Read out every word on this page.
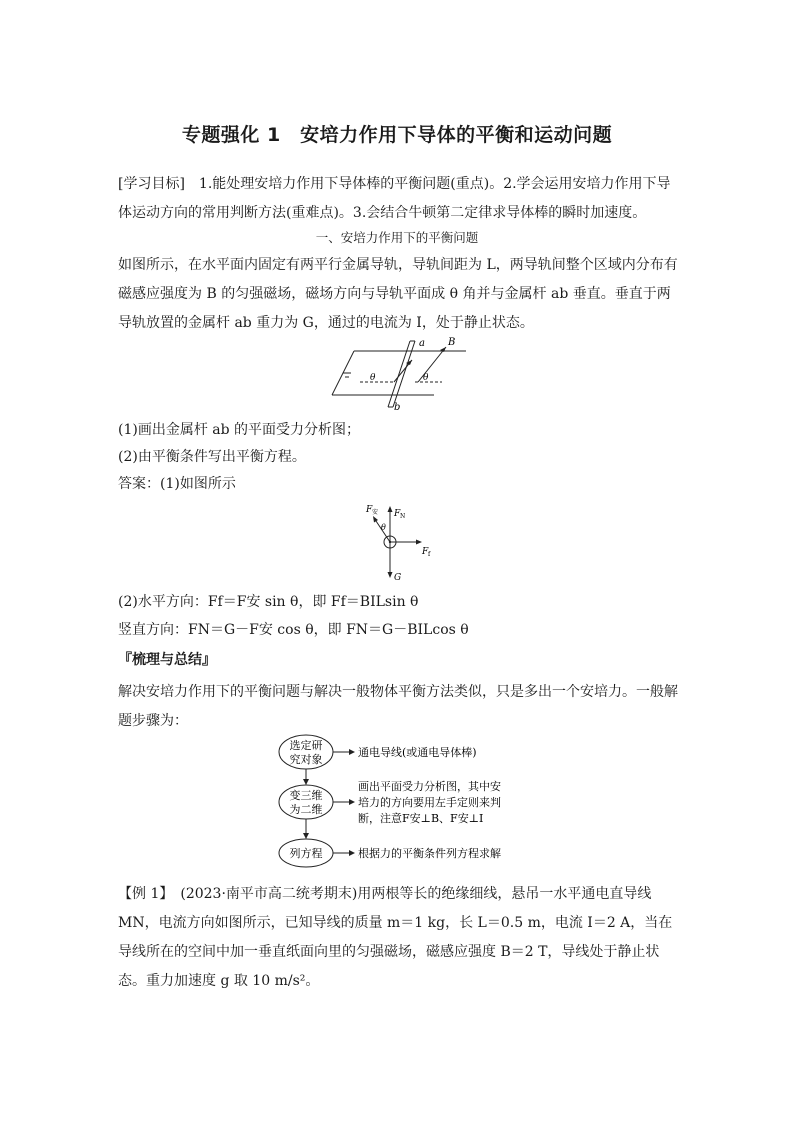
专题强化 1　安培力作用下导体的平衡和运动问题
[学习目标]　1.能处理安培力作用下导体棒的平衡问题(重点)。2.学会运用安培力作用下导体运动方向的常用判断方法(重难点)。3.会结合牛顿第二定律求导体棒的瞬时加速度。
一、安培力作用下的平衡问题
如图所示，在水平面内固定有两平行金属导轨，导轨间距为 L，两导轨间整个区域内分布有磁感应强度为 B 的匀强磁场，磁场方向与导轨平面成 θ 角并与金属杆 ab 垂直。垂直于两导轨放置的金属杆 ab 重力为 G，通过的电流为 I，处于静止状态。
a
b
B
θ	θ
(1)画出金属杆 ab 的平面受力分析图；
(2)由平衡条件写出平衡方程。
答案：(1)如图所示
F 安 F N
F f
G
θ
(2)水平方向：Ff＝F安 sin θ，即 Ff＝BILsin θ
竖直方向：FN＝G－F安 cos θ，即 FN＝G－BILcos θ
『梳理与总结』
解决安培力作用下的平衡问题与解决一般物体平衡方法类似，只是多出一个安培力。一般解题步骤为：
选定研
究对象
变三维
为二维
列方程
通电导线(或通电导体棒)
画出平面受力分析图，其中安
培力的方向要用左手定则来判
断，注意F安⊥B、F安⊥I
根据力的平衡条件列方程求解
【例 1】　(2023·南平市高二统考期末)用两根等长的绝缘细线，悬吊一水平通电直导线 MN，电流方向如图所示，已知导线的质量 m＝1 kg，长 L＝0.5 m，电流 I＝2 A，当在导线所在的空间中加一垂直纸面向里的匀强磁场，磁感应强度 B＝2 T，导线处于静止状态。重力加速度 g 取 10 m/s²。
